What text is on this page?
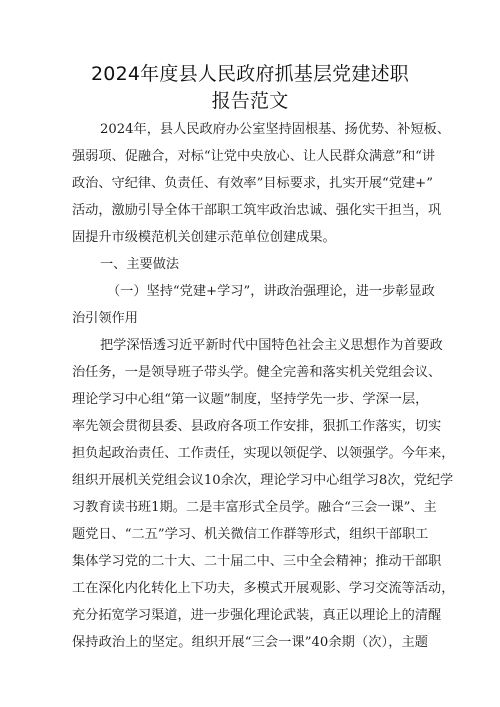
2024年度县人民政府抓基层党建述职
报告范文
2024年，县人民政府办公室坚持固根基、扬优势、补短板、
强弱项、促融合，对标“让党中央放心、让人民群众满意”和“讲
政治、守纪律、负责任、有效率”目标要求，扎实开展“党建+”
活动，激励引导全体干部职工筑牢政治忠诚、强化实干担当，巩
固提升市级模范机关创建示范单位创建成果。
一、主要做法
（一）坚持“党建+学习”，讲政治强理论，进一步彰显政
治引领作用
把学深悟透习近平新时代中国特色社会主义思想作为首要政
治任务，一是领导班子带头学。健全完善和落实机关党组会议、
理论学习中心组“第一议题”制度，坚持学先一步、学深一层，
率先领会贯彻县委、县政府各项工作安排，狠抓工作落实，切实
担负起政治责任、工作责任，实现以领促学、以领强学。今年来，
组织开展机关党组会议10余次，理论学习中心组学习8次，党纪学
习教育读书班1期。二是丰富形式全员学。融合“三会一课”、主
题党日、“二五”学习、机关微信工作群等形式，组织干部职工
集体学习党的二十大、二十届二中、三中全会精神；推动干部职
工在深化内化转化上下功夫，多模式开展观影、学习交流等活动，
充分拓宽学习渠道，进一步强化理论武装，真正以理论上的清醒
保持政治上的坚定。组织开展“三会一课”40余期（次），主题
